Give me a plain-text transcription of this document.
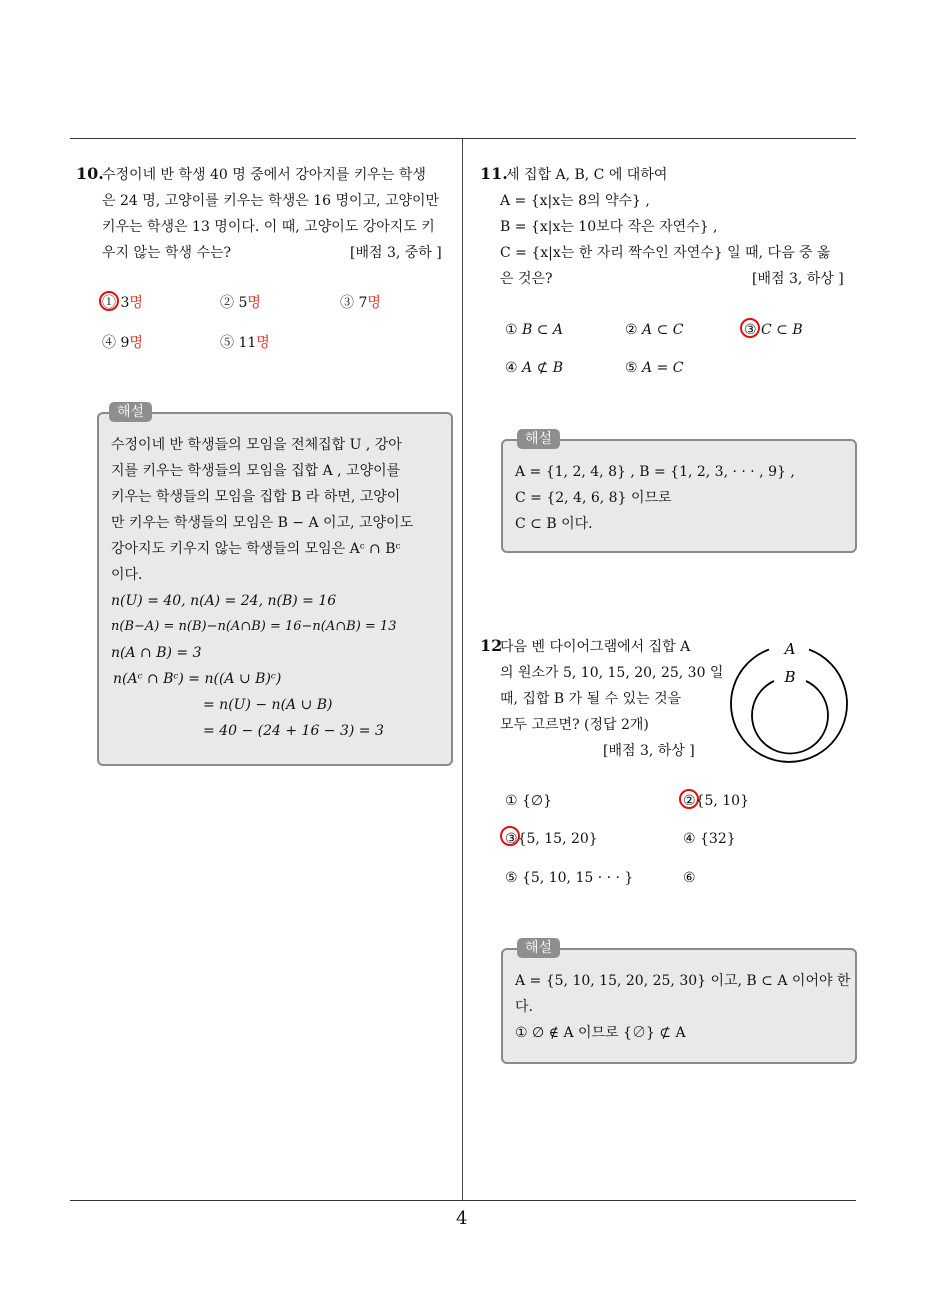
10.
수정이네 반 학생 40 명 중에서 강아지를 키우는 학생
은 24 명, 고양이를 키우는 학생은 16 명이고, 고양이만
키우는 학생은 13 명이다. 이 때, 고양이도 강아지도 키
우지 않는 학생 수는?	[배점 3, 중하 ]
① 3명	② 5명	③ 7명
④ 9명	⑤ 11명
해설
수정이네 반 학생들의 모임을 전체집합 U , 강아
지를 키우는 학생들의 모임을 집합 A , 고양이를
키우는 학생들의 모임을 집합 B 라 하면, 고양이
만 키우는 학생들의 모임은 B − A 이고, 고양이도
강아지도 키우지 않는 학생들의 모임은 Aᶜ ∩ Bᶜ
이다.
n(U) = 40, n(A) = 24, n(B) = 16
n(B−A) = n(B)−n(A∩B) = 16−n(A∩B) = 13
n(A ∩ B) = 3
n(Aᶜ ∩ Bᶜ) = n((A ∪ B)ᶜ)
= n(U) − n(A ∪ B)
= 40 − (24 + 16 − 3) = 3
11.
세 집합 A, B, C 에 대하여
A = {x|x는 8의 약수} ,
B = {x|x는 10보다 작은 자연수} ,
C = {x|x는 한 자리 짝수인 자연수} 일 때, 다음 중 옳
은 것은?	[배점 3, 하상 ]
① B ⊂ A	② A ⊂ C	③ C ⊂ B
④ A ⊄ B	⑤ A = C
해설
A = {1, 2, 4, 8} , B = {1, 2, 3, · · · , 9} ,
C = {2, 4, 6, 8} 이므로
C ⊂ B 이다.
12
다음 벤 다이어그램에서 집합 A
의 원소가 5, 10, 15, 20, 25, 30 일
때, 집합 B 가 될 수 있는 것을
모두 고르면? (정답 2개)
[배점 3, 하상 ]
A
B
① {∅}	②{5, 10}
③{5, 15, 20}	④ {32}
⑤ {5, 10, 15 · · · }	⑥
해설
A = {5, 10, 15, 20, 25, 30} 이고, B ⊂ A 이어야 한
다.
① ∅ ∉ A 이므로 {∅} ⊄ A
4
